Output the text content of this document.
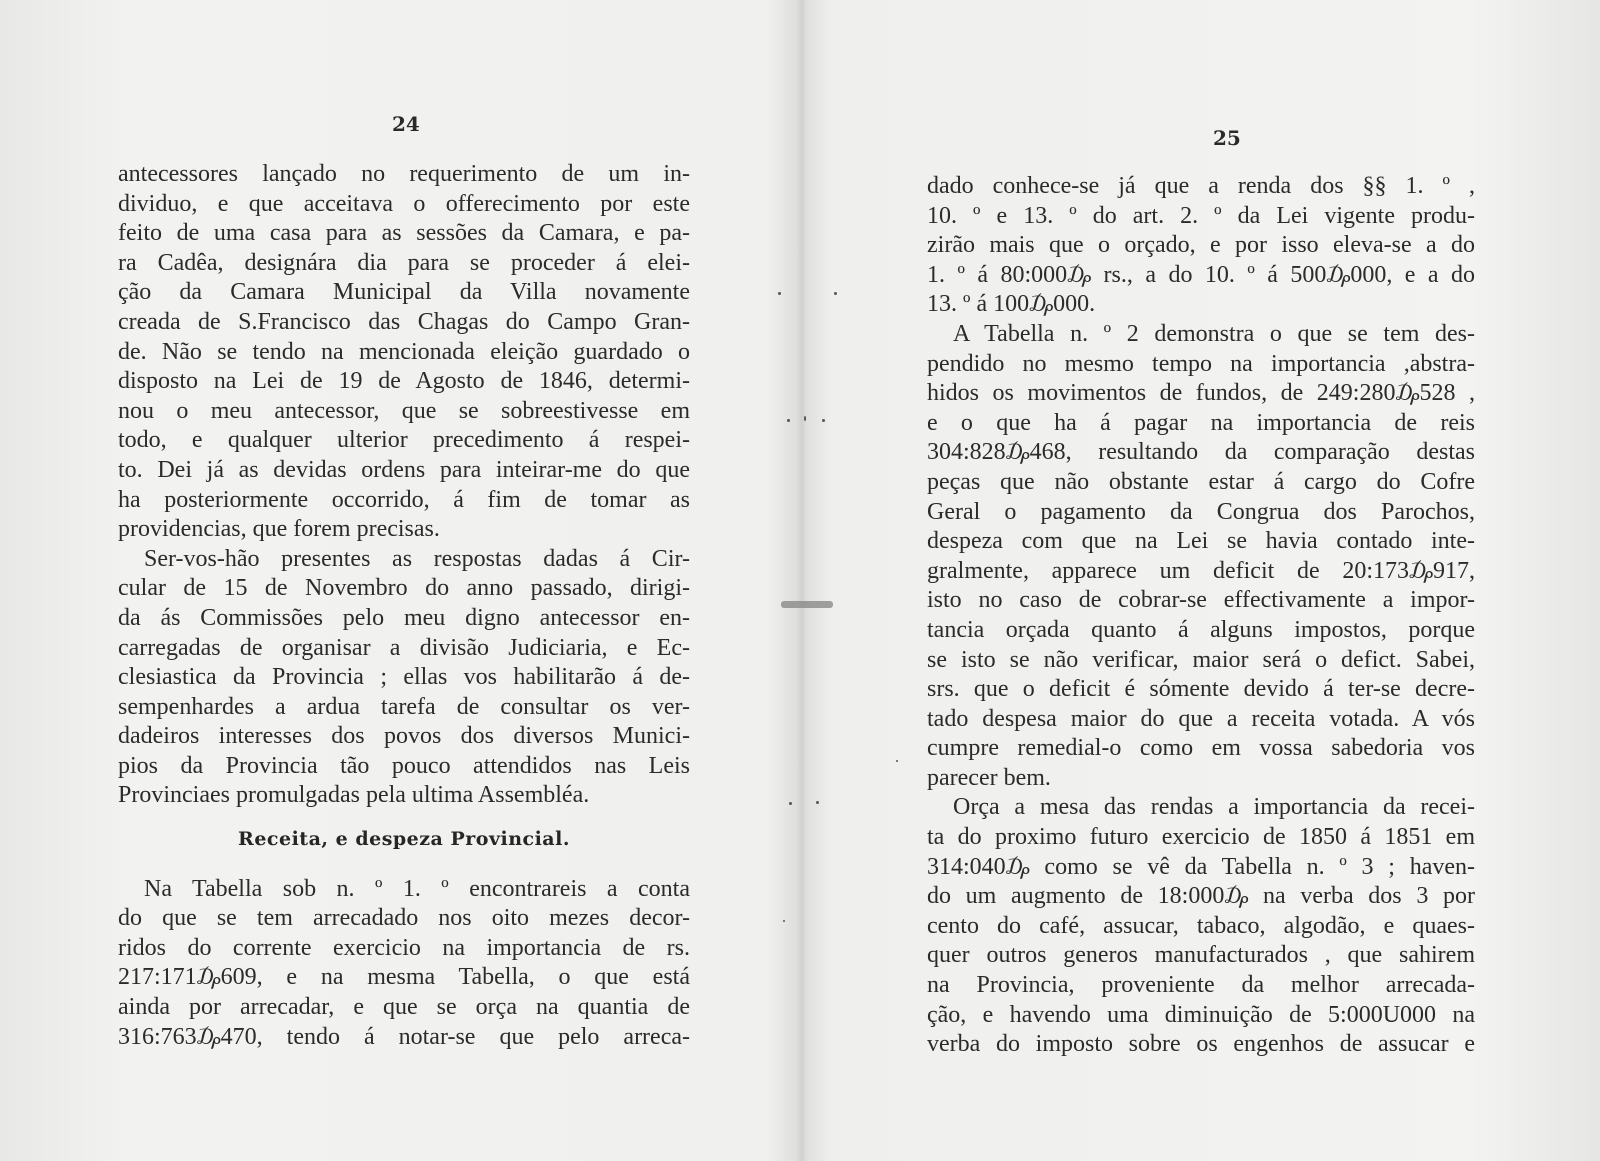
24
antecessores lançado no requerimento de um in-
dividuo, e que acceitava o offerecimento por este
feito de uma casa para as sessões da Camara, e pa-
ra Cadêa, designára dia para se proceder á elei-
ção da Camara Municipal da Villa novamente
creada de S.Francisco das Chagas do Campo Gran-
de. Não se tendo na mencionada eleição guardado o
disposto na Lei de 19 de Agosto de 1846, determi-
nou o meu antecessor, que se sobreestivesse em
todo, e qualquer ulterior precedimento á respei-
to. Dei já as devidas ordens para inteirar-me do que
ha posteriormente occorrido, á fim de tomar as
providencias, que forem precisas.
Ser-vos-hão presentes as respostas dadas á Cir-
cular de 15 de Novembro do anno passado, dirigi-
da ás Commissões pelo meu digno antecessor en-
carregadas de organisar a divisão Judiciaria, e Ec-
clesiastica da Provincia ; ellas vos habilitarão á de-
sempenhardes a ardua tarefa de consultar os ver-
dadeiros interesses dos povos dos diversos Munici-
pios da Provincia tão pouco attendidos nas Leis
Provinciaes promulgadas pela ultima Assembléa.
Receita, e despeza Provincial.
Na Tabella sob n. º 1. º encontrareis a conta
do que se tem arrecadado nos oito mezes decor-
ridos do corrente exercicio na importancia de rs.
217:171₯609, e na mesma Tabella, o que está
ainda por arrecadar, e que se orça na quantia de
316:763₯470, tendo á notar-se que pelo arreca-
25
dado conhece-se já que a renda dos §§ 1. º ,
10. º e 13. º do art. 2. º da Lei vigente produ-
zirão mais que o orçado, e por isso eleva-se a do
1. º á 80:000₯ rs., a do 10. º á 500₯000, e a do
13. º á 100₯000.
A Tabella n. º 2 demonstra o que se tem des-
pendido no mesmo tempo na importancia ,abstra-
hidos os movimentos de fundos, de 249:280₯528 ,
e o que ha á pagar na importancia de reis
304:828₯468, resultando da comparação destas
peças que não obstante estar á cargo do Cofre
Geral o pagamento da Congrua dos Parochos,
despeza com que na Lei se havia contado inte-
gralmente, apparece um deficit de 20:173₯917,
isto no caso de cobrar-se effectivamente a impor-
tancia orçada quanto á alguns impostos, porque
se isto se não verificar, maior será o defict. Sabei,
srs. que o deficit é sómente devido á ter-se decre-
tado despesa maior do que a receita votada. A vós
cumpre remedial-o como em vossa sabedoria vos
parecer bem.
Orça a mesa das rendas a importancia da recei-
ta do proximo futuro exercicio de 1850 á 1851 em
314:040₯ como se vê da Tabella n. º 3 ; haven-
do um augmento de 18:000₯ na verba dos 3 por
cento do café, assucar, tabaco, algodão, e quaes-
quer outros generos manufacturados , que sahirem
na Provincia, proveniente da melhor arrecada-
ção, e havendo uma diminuição de 5:000U000 na
verba do imposto sobre os engenhos de assucar e
